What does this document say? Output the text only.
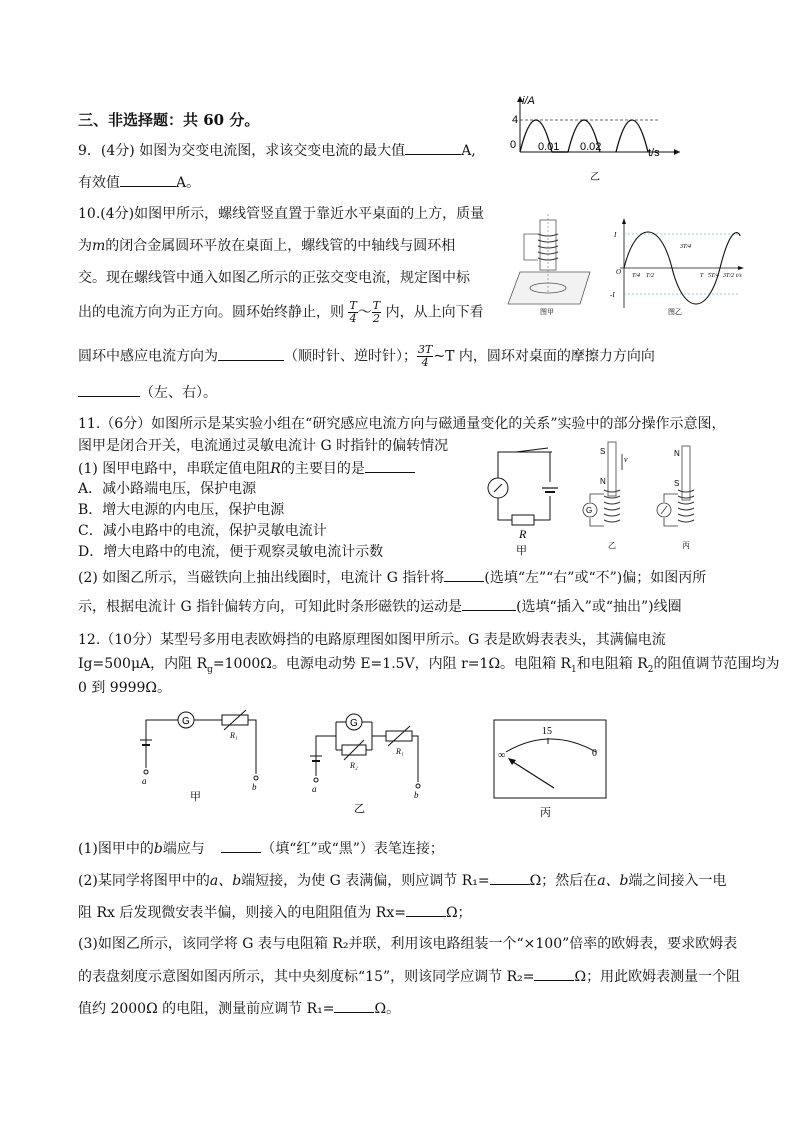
三、非选择题：共 60 分。
9．(4分) 如图为交变电流图，求该交变电流的最大值	A,
有效值	A。
i/A
4
0 0.01 0.02	t/s
乙
10.(4分)如图甲所示，螺线管竖直置于靠近水平桌面的上方，质量
为m的闭合金属圆环平放在桌面上，螺线管的中轴线与圆环相
交。现在螺线管中通入如图乙所示的正弦交变电流，规定图中标
出的电流方向为正方向。圆环始终静止，则 $\frac{T}{4}$ ～ $\frac{T}{2}$ 内，从上向下看
圆环中感应电流方向为	（顺时针、逆时针）； $\frac{3T}{4}$ ~T 内，圆环对桌面的摩擦力方向向
（左、右）。
图甲
I
-I
O T/4 T/2
3T/4
T 5T/4 3T/2 t/s
图乙
11.（6分）如图所示是某实验小组在“研究感应电流方向与磁通量变化的关系”实验中的部分操作示意图，
图甲是闭合开关，电流通过灵敏电流计 G 时指针的偏转情况
(1) 图甲电路中，串联定值电阻R的主要目的是
A．减小路端电压，保护电源
B．增大电源的内电压，保护电源
C．减小电路中的电流，保护灵敏电流计
D．增大电路中的电流，便于观察灵敏电流计示数
(2) 如图乙所示，当磁铁向上抽出线圈时，电流计 G 指针将	(选填“左”“右”或“不”)偏；如图丙所
示，根据电流计 G 指针偏转方向，可知此时条形磁铁的运动是	(选填“插入”或“抽出”)线圈
R
甲
S
N
v
G
乙
N
S
丙
12.（10分）某型号多用电表欧姆挡的电路原理图如图甲所示。G 表是欧姆表表头，其满偏电流
Ig=500μA，内阻 $R_g=1000\Omega$。电源电动势 E=1.5V，内阻 r=1Ω。电阻箱 $R_1$和电阻箱 $R_2$的阻值调节范围均为
0 到 9999Ω。
G
R₁
a
b
甲
G
R₂
R₁
a
b
乙
15
0
∞
丙
(1)图甲中的b端应与	（填“红”或“黑”）表笔连接；
(2)某同学将图甲中的a、b端短接，为使 G 表满偏，则应调节 R₁=	Ω；然后在a、b端之间接入一电
阻 Rx 后发现微安表半偏，则接入的电阻阻值为 Rx=	Ω；
(3)如图乙所示，该同学将 G 表与电阻箱 R₂并联，利用该电路组装一个“×100”倍率的欧姆表，要求欧姆表
的表盘刻度示意图如图丙所示，其中央刻度标“15”，则该同学应调节 R₂=	Ω；用此欧姆表测量一个阻
值约 2000Ω 的电阻，测量前应调节 R₁=	Ω。
